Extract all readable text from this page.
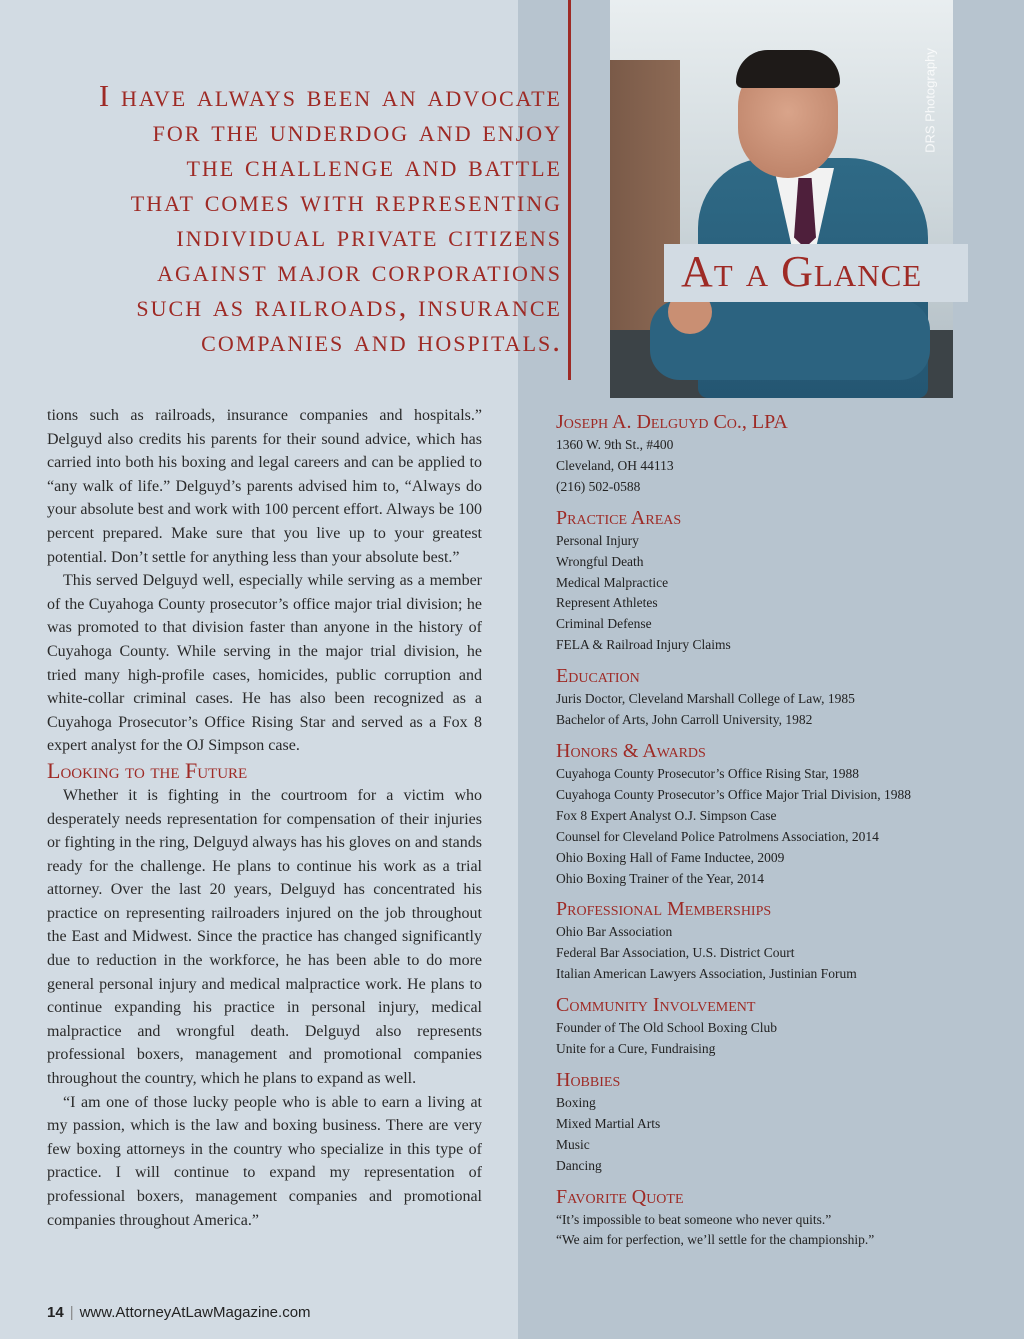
I have always been an advocate
for the underdog and enjoy
the challenge and battle
that comes with representing
individual private citizens
against major corporations
such as railroads, insurance
companies and hospitals.
DRS Photography
At a Glance

tions such as railroads, insurance companies and hospitals.” Delguyd also credits his parents for their sound advice, which has carried into both his boxing and legal careers and can be applied to “any walk of life.” Delguyd’s parents advised him to, “Always do your absolute best and work with 100 percent effort. Always be 100 percent prepared. Make sure that you live up to your greatest potential. Don’t settle for anything less than your absolute best.”

This served Delguyd well, especially while serving as a member of the Cuyahoga County prosecutor’s office major trial division; he was promoted to that division faster than anyone in the history of Cuyahoga County. While serving in the major trial division, he tried many high-profile cases, homicides, public corruption and white-collar criminal cases. He has also been recognized as a Cuyahoga Prosecutor’s Office Rising Star and served as a Fox 8 expert analyst for the OJ Simpson case.

Looking to the Future

Whether it is fighting in the courtroom for a victim who desperately needs representation for compensation of their injuries or fighting in the ring, Delguyd always has his gloves on and stands ready for the challenge. He plans to continue his work as a trial attorney. Over the last 20 years, Delguyd has concentrated his practice on representing railroaders injured on the job throughout the East and Midwest. Since the practice has changed significantly due to reduction in the workforce, he has been able to do more general personal injury and medical malpractice work. He plans to continue expanding his practice in personal injury, medical malpractice and wrongful death. Delguyd also represents professional boxers, management and promotional companies throughout the country, which he plans to expand as well.

“I am one of those lucky people who is able to earn a living at my passion, which is the law and boxing business. There are very few boxing attorneys in the country who specialize in this type of practice. I will continue to expand my representation of professional boxers, management companies and promotional companies throughout America.”

Joseph A. Delguyd Co., LPA
1360 W. 9th St., #400
Cleveland, OH 44113
(216) 502-0588
Practice Areas
Personal Injury
Wrongful Death
Medical Malpractice
Represent Athletes
Criminal Defense
FELA & Railroad Injury Claims
Education
Juris Doctor, Cleveland Marshall College of Law, 1985
Bachelor of Arts, John Carroll University, 1982
Honors & Awards
Cuyahoga County Prosecutor’s Office Rising Star, 1988
Cuyahoga County Prosecutor’s Office Major Trial Division, 1988
Fox 8 Expert Analyst O.J. Simpson Case
Counsel for Cleveland Police Patrolmens Association, 2014
Ohio Boxing Hall of Fame Inductee, 2009
Ohio Boxing Trainer of the Year, 2014
Professional Memberships
Ohio Bar Association
Federal Bar Association, U.S. District Court
Italian American Lawyers Association, Justinian Forum
Community Involvement
Founder of The Old School Boxing Club
Unite for a Cure, Fundraising
Hobbies
Boxing
Mixed Martial Arts
Music
Dancing
Favorite Quote
“It’s impossible to beat someone who never quits.”
“We aim for perfection, we’ll settle for the championship.”
14 | www.AttorneyAtLawMagazine.com
